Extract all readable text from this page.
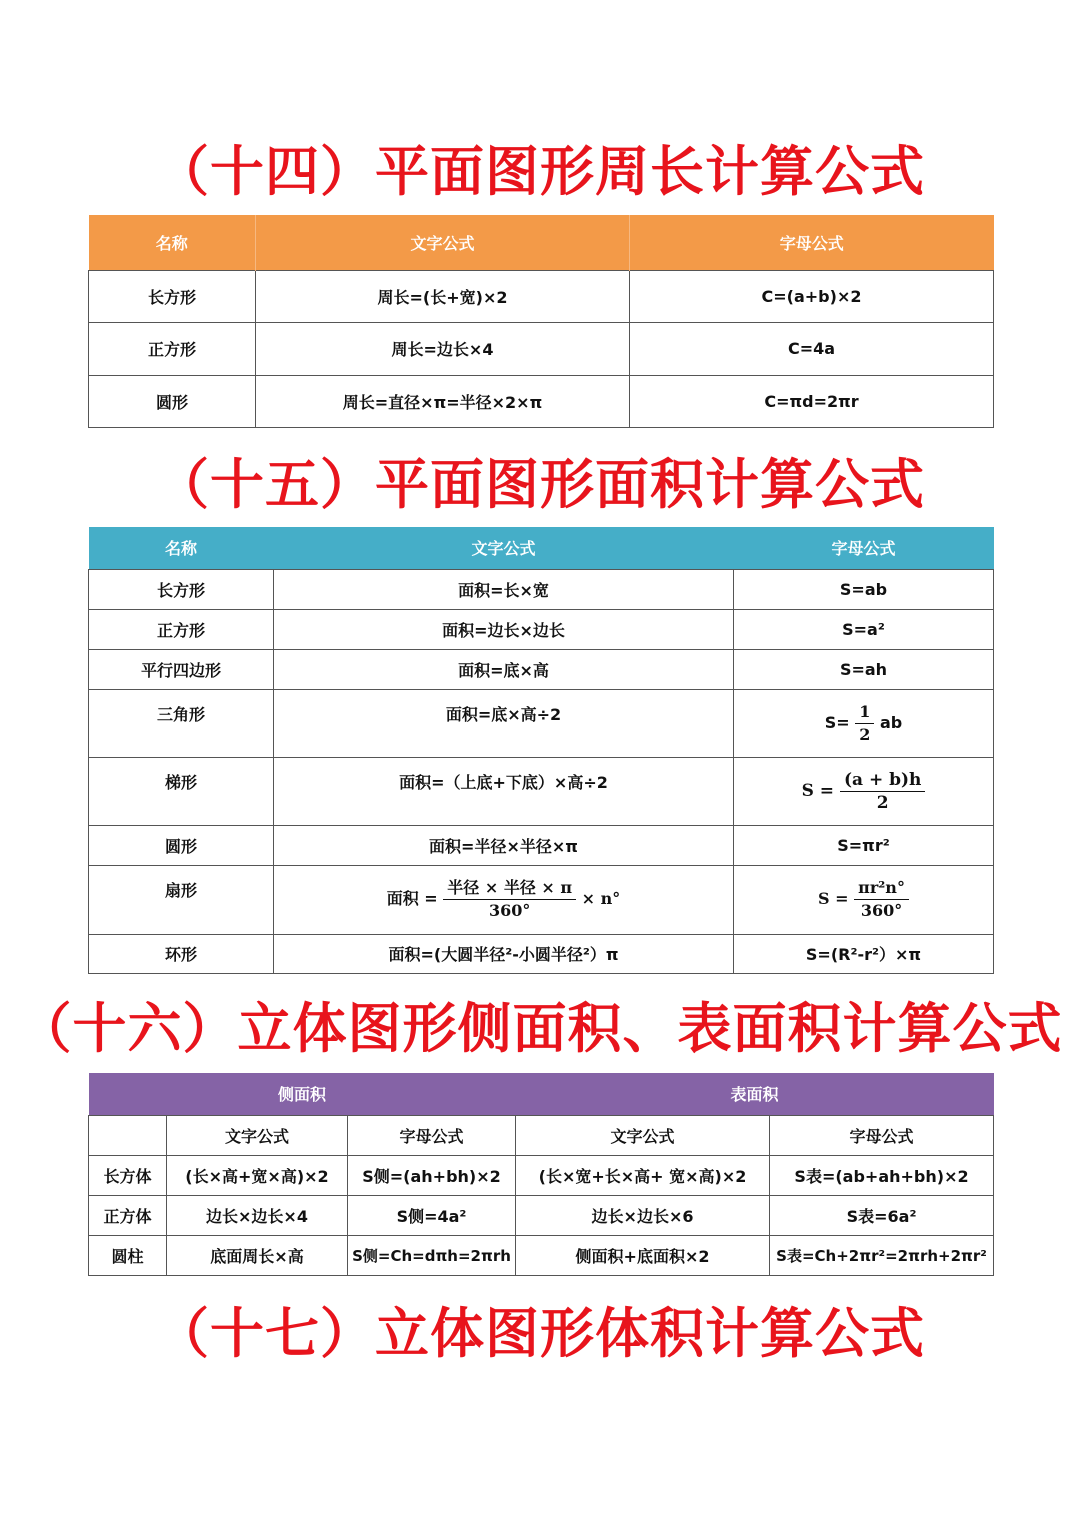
（十四）平面图形周长计算公式
名称	文字公式	字母公式
长方形	周长=(长+宽)×2	C=(a+b)×2
正方形	周长=边长×4	C=4a
圆形	周长=直径×π=半径×2×π	C=πd=2πr
（十五）平面图形面积计算公式
名称	文字公式	字母公式
长方形	面积=长×宽	S=ab
正方形	面积=边长×边长	S=a²
平行四边形	面积=底×高	S=ah
三角形	面积=底×高÷2	$S= \frac{1}{2}$ ab
梯形	面积=（上底+下底）×高÷2	$S = \frac{(a + b)h}{2}$

圆形	面积=半径×半径×π	S=πr²
扇形	面积 = $\frac{\text{半径 × 半径 × π}}{360^\circ} \times n^\circ$	$S = \frac{\text{πr²n°}}{360^\circ}$

环形	面积=(大圆半径²-小圆半径²）π	S=(R²-r²）×π
（十六）立体图形侧面积、表面积计算公式
侧面积			表面积	
	文字公式	字母公式	文字公式	字母公式
长方体	(长×高+宽×高)×2	S侧=(ah+bh)×2	(长×宽+长×高+ 宽×高)×2	S表=(ab+ah+bh)×2
正方体	边长×边长×4	S侧=4a²	边长×边长×6	S表=6a²
圆柱	底面周长×高	S侧=Ch=dπh=2πrh	侧面积+底面积×2	S表=Ch+2πr²=2πrh+2πr²
（十七）立体图形体积计算公式
